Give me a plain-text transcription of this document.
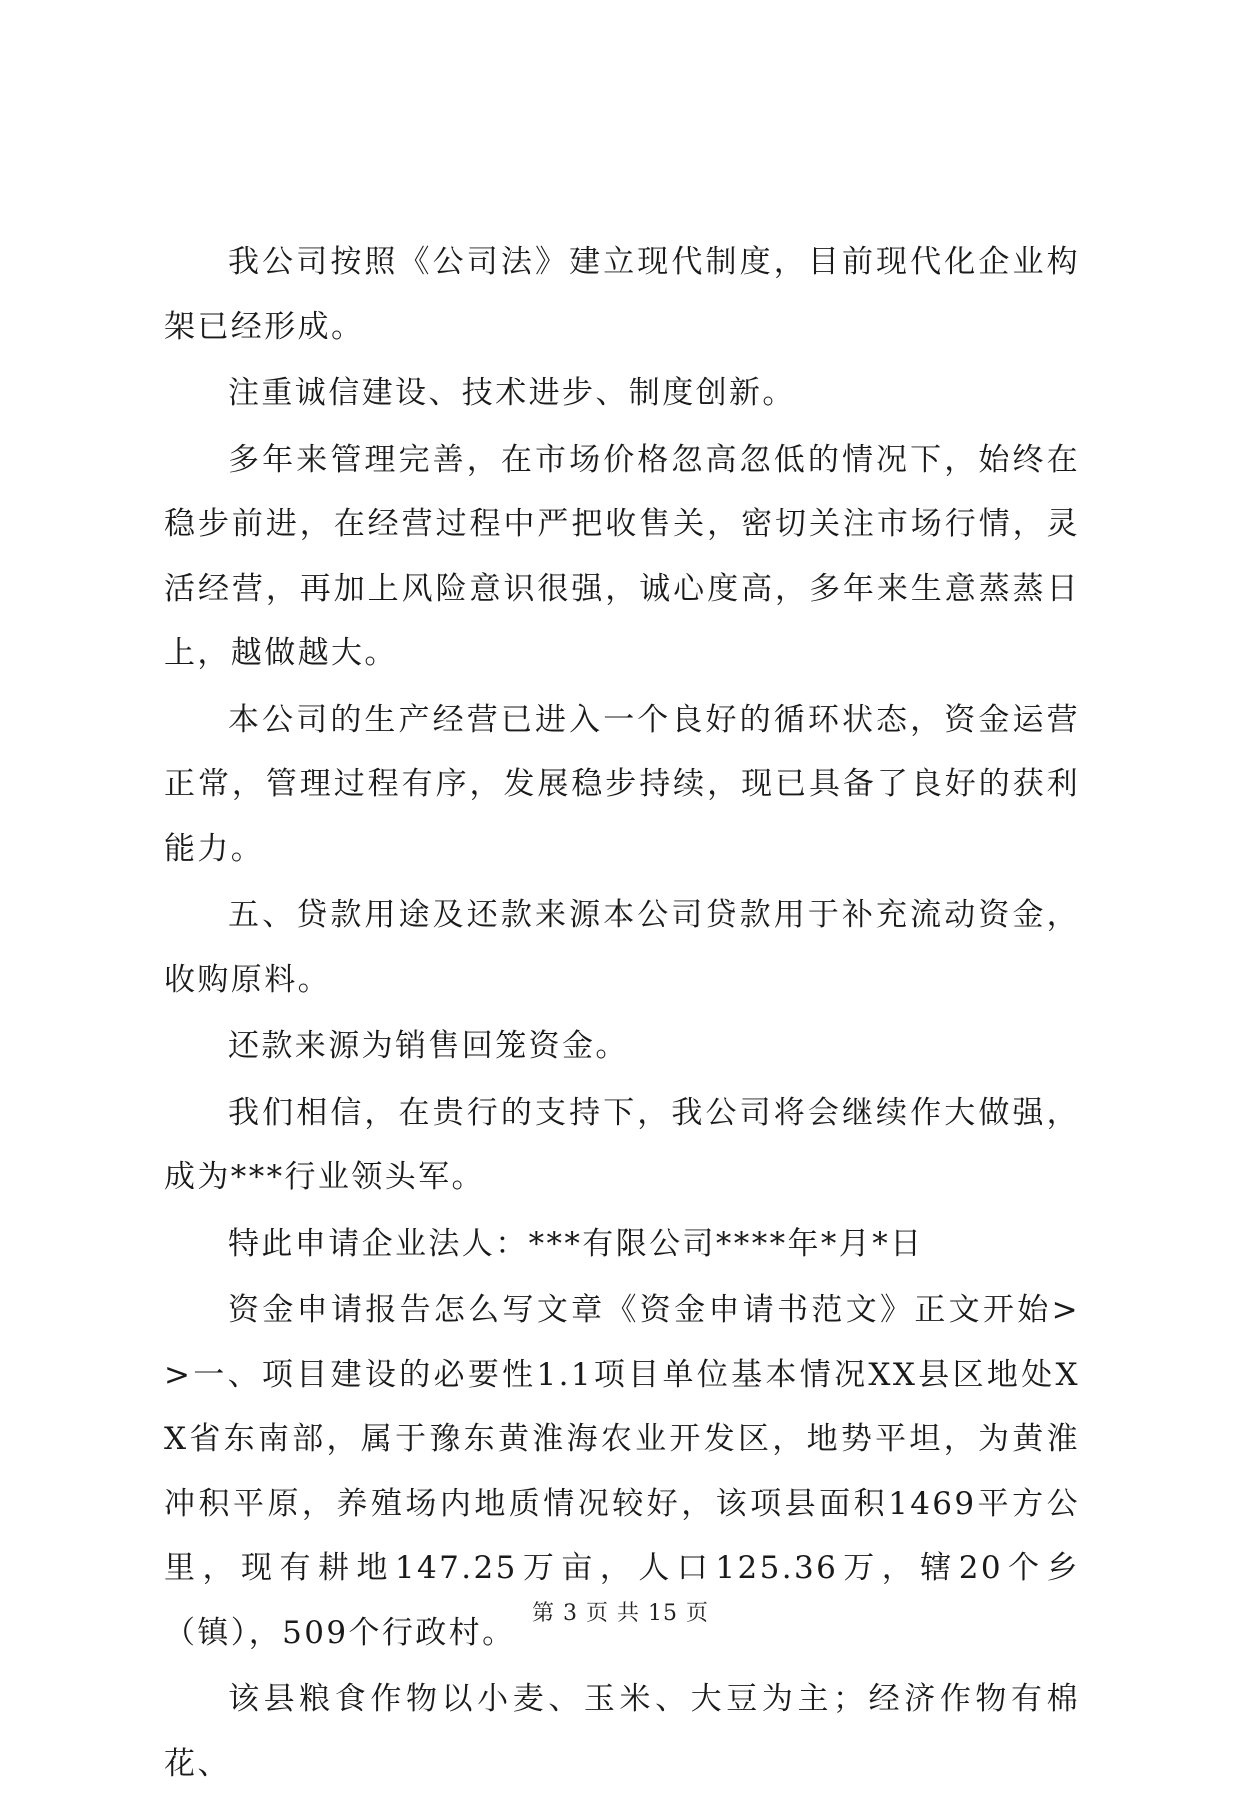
我公司按照《公司法》建立现代制度，目前现代化企业构架已经形成。

注重诚信建设、技术进步、制度创新。

多年来管理完善，在市场价格忽高忽低的情况下，始终在稳步前进，在经营过程中严把收售关，密切关注市场行情，灵活经营，再加上风险意识很强，诚心度高，多年来生意蒸蒸日上，越做越大。

本公司的生产经营已进入一个良好的循环状态，资金运营正常，管理过程有序，发展稳步持续，现已具备了良好的获利能力。

五、贷款用途及还款来源本公司贷款用于补充流动资金，收购原料。

还款来源为销售回笼资金。

我们相信，在贵行的支持下，我公司将会继续作大做强，成为***行业领头军。

特此申请企业法人：***有限公司****年*月*日

资金申请报告怎么写文章《资金申请书范文》正文开始>>一、项目建设的必要性1.1项目单位基本情况XX县区地处XX省东南部，属于豫东黄淮海农业开发区，地势平坦，为黄淮冲积平原，养殖场内地质情况较好，该项县面积1469平方公里，现有耕地147.25万亩，人口125.36万，辖20个乡（镇），509个行政村。

该县粮食作物以小麦、玉米、大豆为主；经济作物有棉花、

第 3 页 共 15 页
